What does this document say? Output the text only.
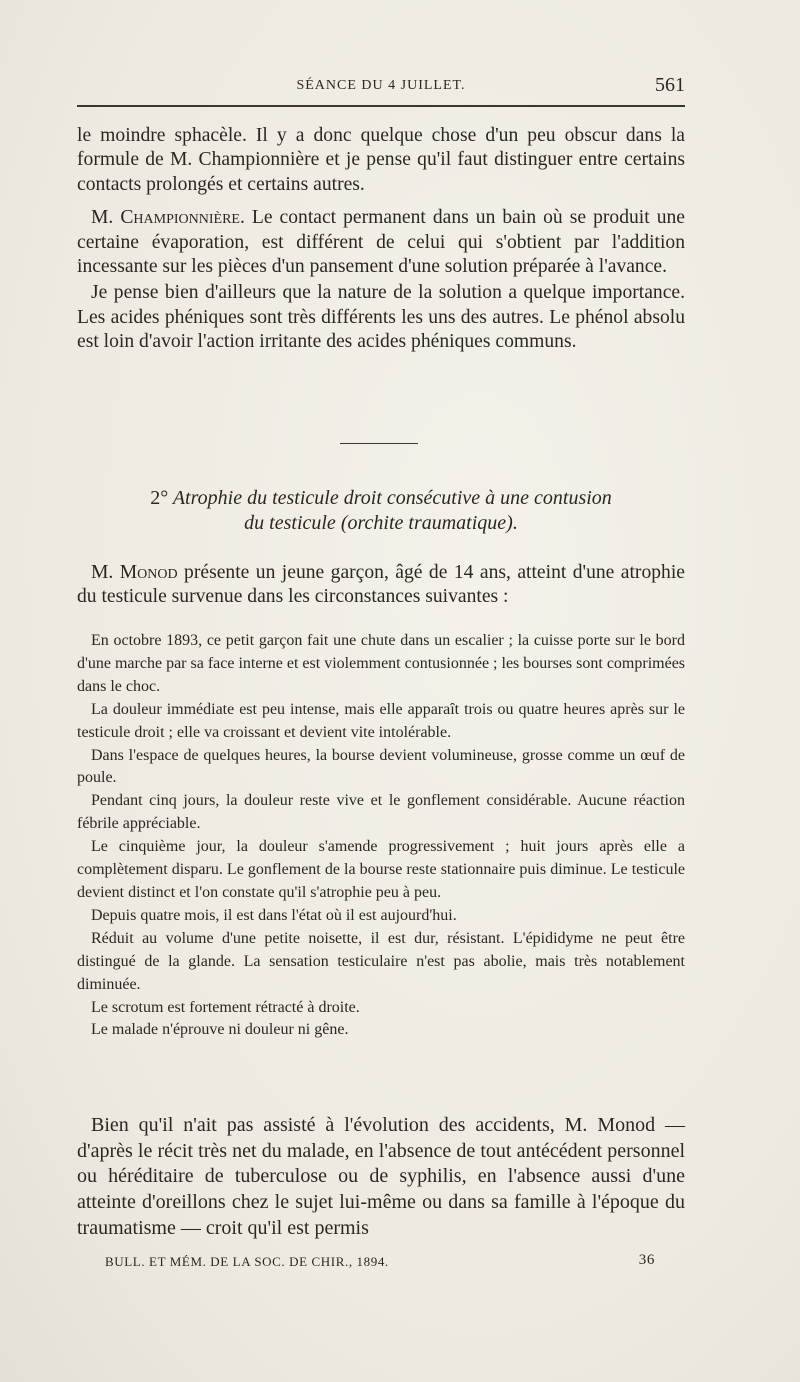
SÉANCE DU 4 JUILLET.	561

le moindre sphacèle. Il y a donc quelque chose d'un peu obscur dans la formule de M. Championnière et je pense qu'il faut distinguer entre certains contacts prolongés et certains autres.

M. Championnière. Le contact permanent dans un bain où se produit une certaine évaporation, est différent de celui qui s'obtient par l'addition incessante sur les pièces d'un pansement d'une solution préparée à l'avance.

Je pense bien d'ailleurs que la nature de la solution a quelque importance. Les acides phéniques sont très différents les uns des autres. Le phénol absolu est loin d'avoir l'action irritante des acides phéniques communs.

2° Atrophie du testicule droit consécutive à une contusion
du testicule (orchite traumatique).

M. Monod présente un jeune garçon, âgé de 14 ans, atteint d'une atrophie du testicule survenue dans les circonstances suivantes :

En octobre 1893, ce petit garçon fait une chute dans un escalier ; la cuisse porte sur le bord d'une marche par sa face interne et est violemment contusionnée ; les bourses sont comprimées dans le choc.

La douleur immédiate est peu intense, mais elle apparaît trois ou quatre heures après sur le testicule droit ; elle va croissant et devient vite intolérable.

Dans l'espace de quelques heures, la bourse devient volumineuse, grosse comme un œuf de poule.

Pendant cinq jours, la douleur reste vive et le gonflement considérable. Aucune réaction fébrile appréciable.

Le cinquième jour, la douleur s'amende progressivement ; huit jours après elle a complètement disparu. Le gonflement de la bourse reste stationnaire puis diminue. Le testicule devient distinct et l'on constate qu'il s'atrophie peu à peu.

Depuis quatre mois, il est dans l'état où il est aujourd'hui.

Réduit au volume d'une petite noisette, il est dur, résistant. L'épididyme ne peut être distingué de la glande. La sensation testiculaire n'est pas abolie, mais très notablement diminuée.

Le scrotum est fortement rétracté à droite.

Le malade n'éprouve ni douleur ni gêne.

Bien qu'il n'ait pas assisté à l'évolution des accidents, M. Monod — d'après le récit très net du malade, en l'absence de tout antécédent personnel ou héréditaire de tuberculose ou de syphilis, en l'absence aussi d'une atteinte d'oreillons chez le sujet lui-même ou dans sa famille à l'époque du traumatisme — croit qu'il est permis

BULL. ET MÉM. DE LA SOC. DE CHIR., 1894.	36
